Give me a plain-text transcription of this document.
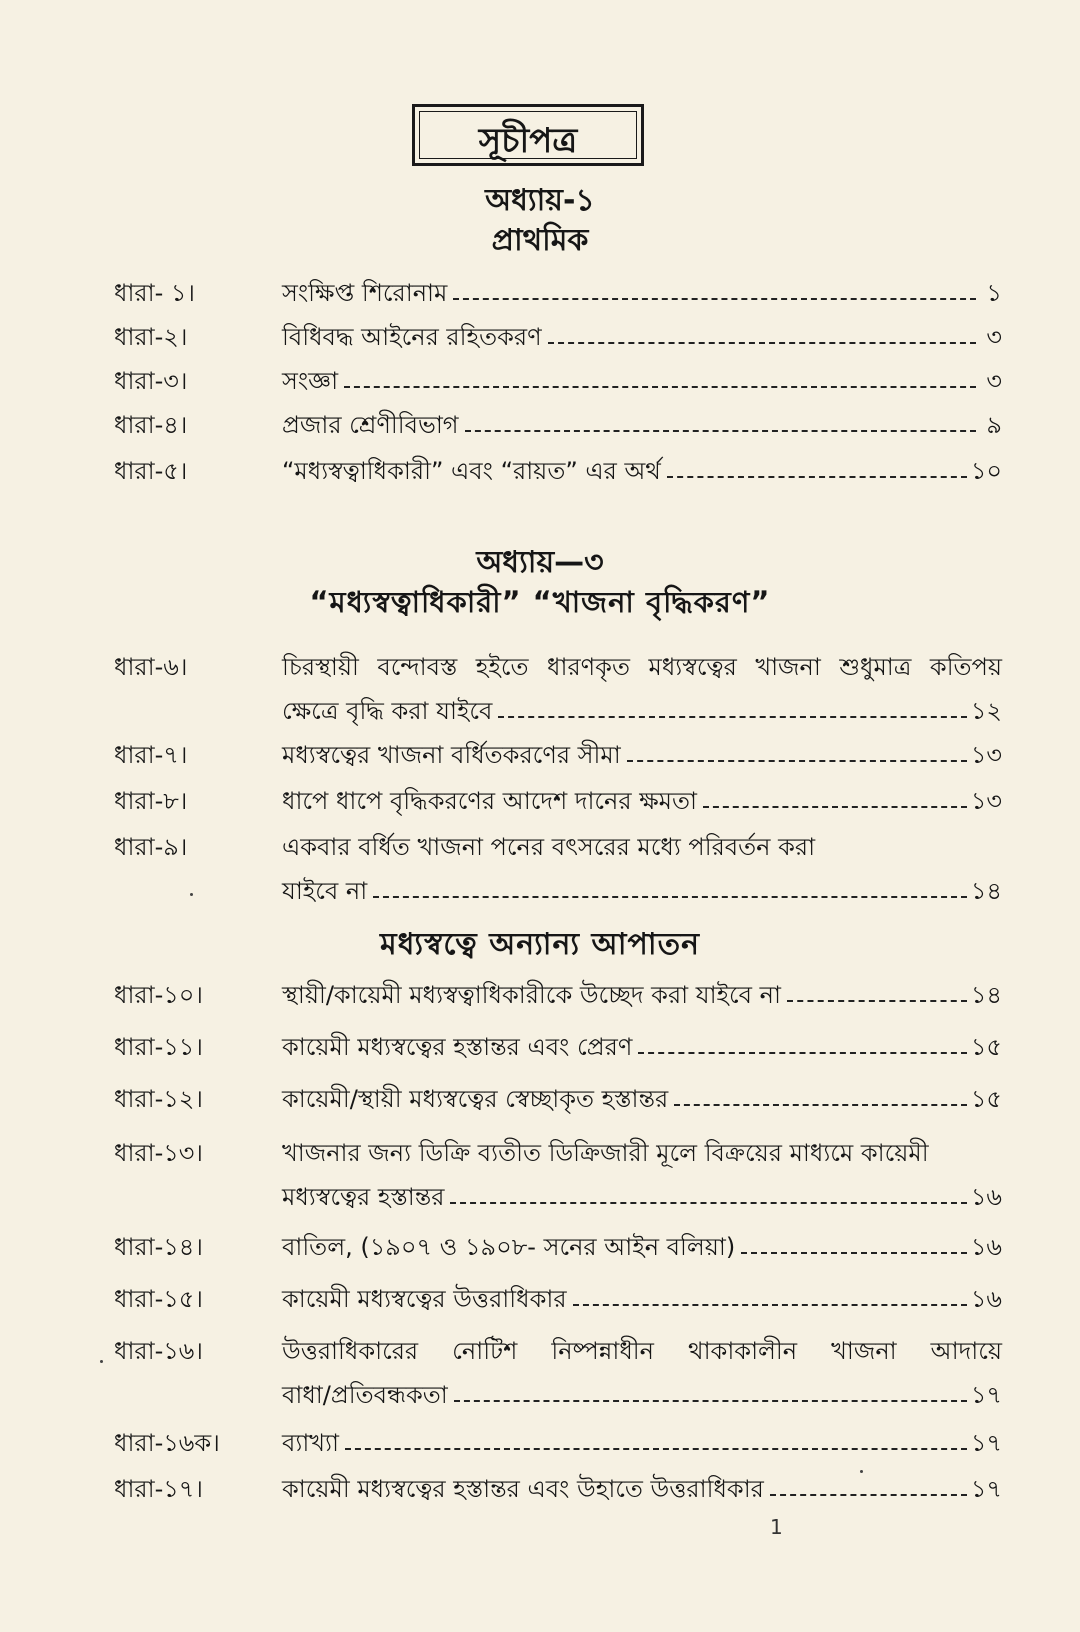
সূচীপত্র
অধ্যায়-১
প্রাথমিক
অধ্যায়—৩
“মধ্যস্বত্বাধিকারী” “খাজনা বৃদ্ধিকরণ”
মধ্যস্বত্বে অন্যান্য আপাতন
ধারা- ১।	সংক্ষিপ্ত শিরোনাম	১
ধারা-২।	বিধিবদ্ধ আইনের রহিতকরণ	৩
ধারা-৩।	সংজ্ঞা	৩
ধারা-৪।	প্রজার শ্রেণীবিভাগ	৯
ধারা-৫।	“মধ্যস্বত্বাধিকারী” এবং “রায়ত” এর অর্থ	১০
ধারা-৬।	চিরস্থায়ী বন্দোবস্ত হইতে ধারণকৃত মধ্যস্বত্বের খাজনা শুধুমাত্র কতিপয়
ক্ষেত্রে বৃদ্ধি করা যাইবে	১২
ধারা-৭।	মধ্যস্বত্বের খাজনা বর্ধিতকরণের সীমা	১৩
ধারা-৮।	ধাপে ধাপে বৃদ্ধিকরণের আদেশ দানের ক্ষমতা	১৩
ধারা-৯।	একবার বর্ধিত খাজনা পনের বৎসরের মধ্যে পরিবর্তন করা
যাইবে না	১৪
ধারা-১০।	স্থায়ী/কায়েমী মধ্যস্বত্বাধিকারীকে উচ্ছেদ করা যাইবে না	১৪
ধারা-১১।	কায়েমী মধ্যস্বত্বের হস্তান্তর এবং প্রেরণ	১৫
ধারা-১২।	কায়েমী/স্থায়ী মধ্যস্বত্বের স্বেচ্ছাকৃত হস্তান্তর	১৫
ধারা-১৩।	খাজনার জন্য ডিক্রি ব্যতীত ডিক্রিজারী মূলে বিক্রয়ের মাধ্যমে কায়েমী
মধ্যস্বত্বের হস্তান্তর	১৬
ধারা-১৪।	বাতিল, (১৯০৭ ও ১৯০৮- সনের আইন বলিয়া)	১৬
ধারা-১৫।	কায়েমী মধ্যস্বত্বের উত্তরাধিকার	১৬
ধারা-১৬।	উত্তরাধিকারের নোটিশ নিষ্পন্নাধীন থাকাকালীন খাজনা আদায়ে
বাধা/প্রতিবন্ধকতা	১৭
ধারা-১৬ক।	ব্যাখ্যা	১৭
ধারা-১৭।	কায়েমী মধ্যস্বত্বের হস্তান্তর এবং উহাতে উত্তরাধিকার	১৭
1
